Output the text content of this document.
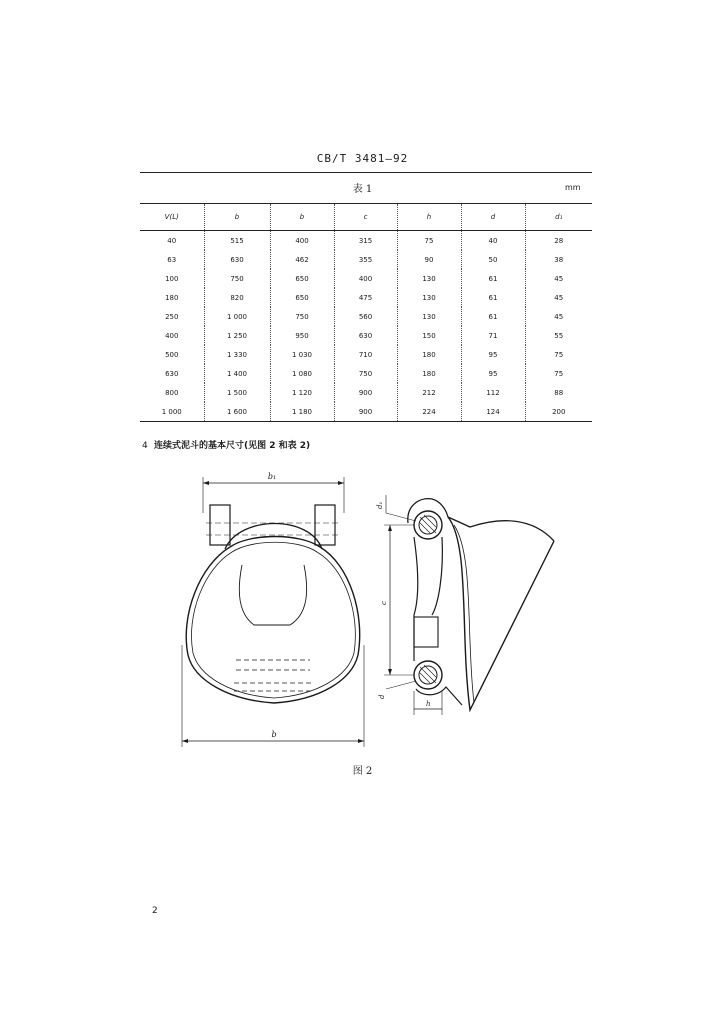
CB/T 3481—92
表 1	mm
V(L)	b	b	c	h	d	d₁
40	515	400	315	75	40	28
63	630	462	355	90	50	38
100	750	650	400	130	61	45
180	820	650	475	130	61	45
250	1 000	750	560	130	61	45
400	1 250	950	630	150	71	55
500	1 330	1 030	710	180	95	75
630	1 400	1 080	750	180	95	75
800	1 500	1 120	900	212	112	88
1 000	1 600	1 180	900	224	124	200
4 连续式泥斗的基本尺寸(见图 2 和表 2)
b₁
b
d₁
c
d
h
图 2
2
